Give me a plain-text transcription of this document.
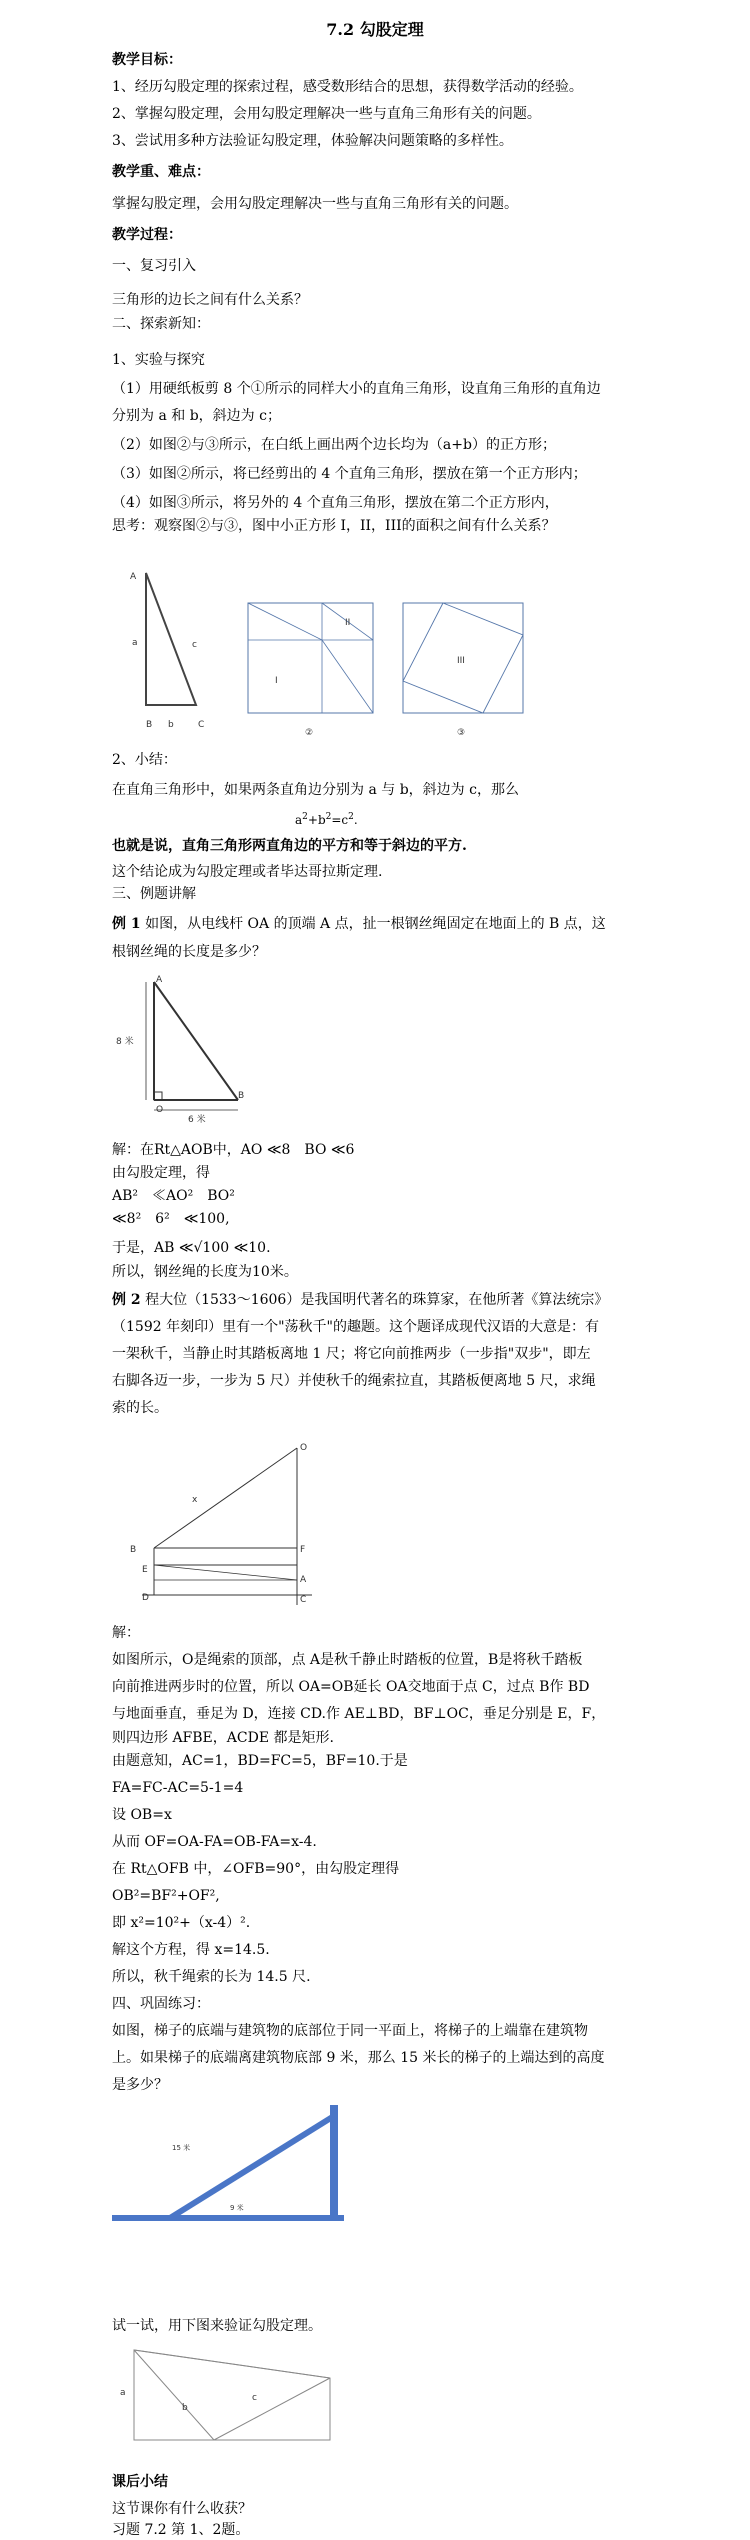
7.2 勾股定理
教学目标：
1、经历勾股定理的探索过程，感受数形结合的思想，获得数学活动的经验。
2、掌握勾股定理，会用勾股定理解决一些与直角三角形有关的问题。
3、尝试用多种方法验证勾股定理，体验解决问题策略的多样性。
教学重、难点：
掌握勾股定理，会用勾股定理解决一些与直角三角形有关的问题。
教学过程：
一、复习引入
三角形的边长之间有什么关系？
二、探索新知：
1、实验与探究
（1）用硬纸板剪 8 个①所示的同样大小的直角三角形，设直角三角形的直角边
分别为 a 和 b，斜边为 c；
（2）如图②与③所示，在白纸上画出两个边长均为（a+b）的正方形；
（3）如图②所示，将已经剪出的 4 个直角三角形，摆放在第一个正方形内；
（4）如图③所示，将另外的 4 个直角三角形，摆放在第二个正方形内，
思考：观察图②与③，图中小正方形 I，II，III的面积之间有什么关系？
A
a	c
B b	C
I
II
②
III
③
2、小结：
在直角三角形中，如果两条直角边分别为 a 与 b，斜边为 c，那么
$a^2+b^2=c^2$.
也就是说，直角三角形两直角边的平方和等于斜边的平方.
这个结论成为勾股定理或者毕达哥拉斯定理.
三、例题讲解
例 1 如图，从电线杆 OA 的顶端 A 点，扯一根钢丝绳固定在地面上的 B 点，这
根钢丝绳的长度是多少？
A
8 米
O
B
6 米
解：在Rt△AOB中，AO ≪8　BO ≪6
由勾股定理，得
AB²　≪AO²　BO²
≪8²　6²　≪100,
于是，AB ≪√100 ≪10.
所以，钢丝绳的长度为10米。
例 2 程大位（1533～1606）是我国明代著名的珠算家，在他所著《算法统宗》
（1592 年刻印）里有一个"荡秋千"的趣题。这个题译成现代汉语的大意是：有
一架秋千，当静止时其踏板离地 1 尺；将它向前推两步（一步指"双步"，即左
右脚各迈一步，一步为 5 尺）并使秋千的绳索拉直，其踏板便离地 5 尺，求绳
索的长。
O
x
B
E
F
A
D	C
解：
如图所示，O是绳索的顶部，点 A是秋千静止时踏板的位置，B是将秋千踏板
向前推进两步时的位置，所以 OA=OB延长 OA交地面于点 C，过点 B作 BD
与地面垂直，垂足为 D，连接 CD.作 AE⊥BD，BF⊥OC，垂足分别是 E，F，
则四边形 AFBE，ACDE 都是矩形.
由题意知，AC=1，BD=FC=5，BF=10.于是
FA=FC-AC=5-1=4
设 OB=x
从而 OF=OA-FA=OB-FA=x-4.
在 Rt△OFB 中，∠OFB=90°，由勾股定理得
OB²=BF²+OF²,
即 x²=10²+（x-4）².
解这个方程，得 x=14.5.
所以，秋千绳索的长为 14.5 尺.
四、巩固练习：
如图，梯子的底端与建筑物的底部位于同一平面上，将梯子的上端靠在建筑物
上。如果梯子的底端离建筑物底部 9 米，那么 15 米长的梯子的上端达到的高度
是多少？
15 米
9 米
试一试，用下图来验证勾股定理。
a
b
c
课后小结
这节课你有什么收获？
习题 7.2 第 1、2题。
